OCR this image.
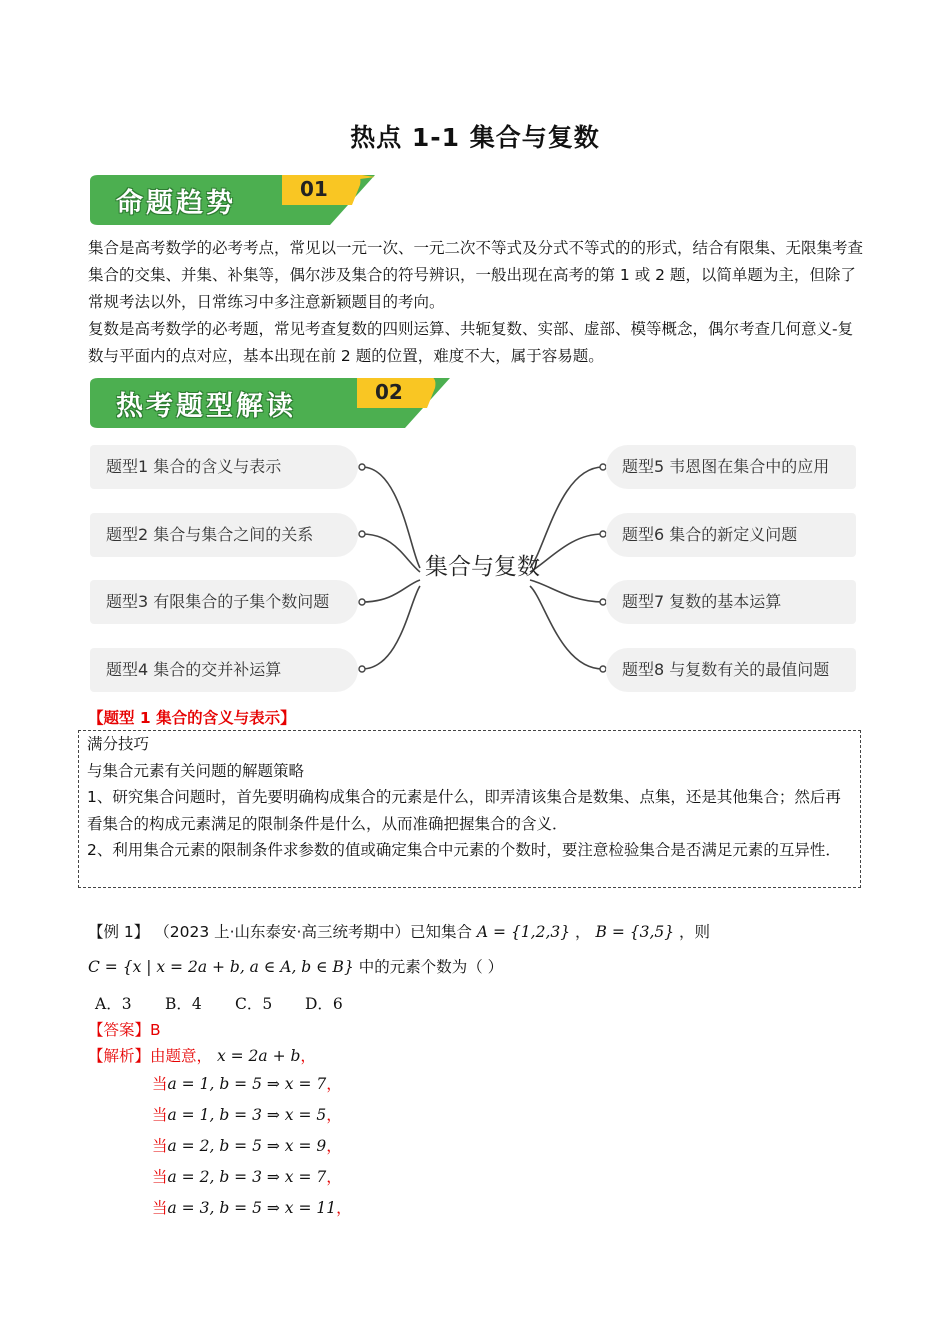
热点 1-1 集合与复数
命题趋势	01
集合是高考数学的必考考点，常见以一元一次、一元二次不等式及分式不等式的的形式，结合有限集、无限集考查集合的交集、并集、补集等，偶尔涉及集合的符号辨识，一般出现在高考的第 1 或 2 题，以简单题为主，但除了常规考法以外，日常练习中多注意新颖题目的考向。
复数是高考数学的必考题，常见考查复数的四则运算、共轭复数、实部、虚部、模等概念，偶尔考查几何意义-复数与平面内的点对应，基本出现在前 2 题的位置，难度不大，属于容易题。
热考题型解读	02
题型1 集合的含义与表示
题型2 集合与集合之间的关系
题型3 有限集合的子集个数问题
题型4 集合的交并补运算
题型5 韦恩图在集合中的应用
题型6 集合的新定义问题
题型7 复数的基本运算
题型8 与复数有关的最值问题
集合与复数
【题型 1 集合的含义与表示】
满分技巧
与集合元素有关问题的解题策略
1、研究集合问题时，首先要明确构成集合的元素是什么，即弄清该集合是数集、点集，还是其他集合；然后再看集合的构成元素满足的限制条件是什么，从而准确把握集合的含义．
2、利用集合元素的限制条件求参数的值或确定集合中元素的个数时，要注意检验集合是否满足元素的互异性．
【例 1】 （2023 上·山东泰安·高三统考期中）已知集合 A = {1,2,3} ， B = {3,5} ，则
C = {x | x = 2a + b, a ∈ A, b ∈ B} 中的元素个数为（ ）
A．3 B．4 C．5 D．6
【答案】B
【解析】由题意， x = 2a + b，
当a = 1, b = 5 ⇒ x = 7，
当a = 1, b = 3 ⇒ x = 5，
当a = 2, b = 5 ⇒ x = 9，
当a = 2, b = 3 ⇒ x = 7，
当a = 3, b = 5 ⇒ x = 11，
